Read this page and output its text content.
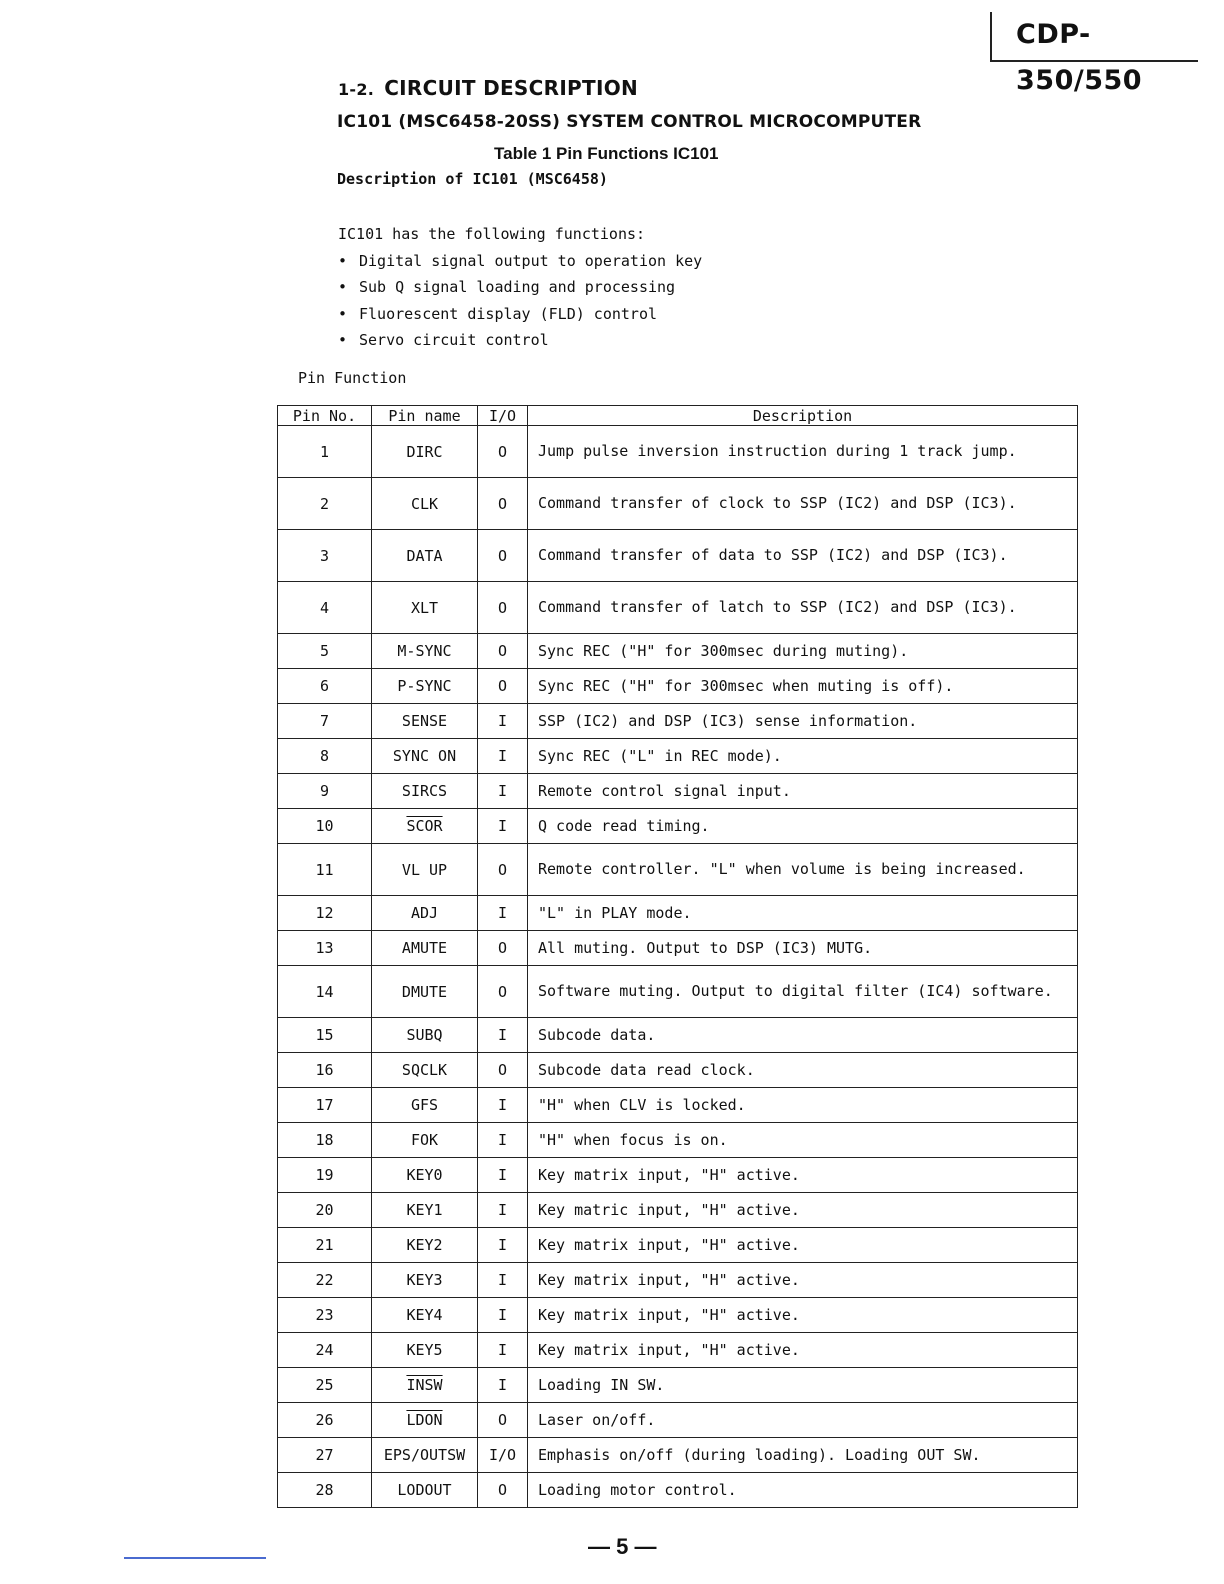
CDP-350/550
1-2. CIRCUIT DESCRIPTION
IC101 (MSC6458-20SS) SYSTEM CONTROL MICROCOMPUTER
Table 1 Pin Functions IC101
Description of IC101 (MSC6458)
IC101 has the following functions:
• Digital signal output to operation key
• Sub Q signal loading and processing
• Fluorescent display (FLD) control
• Servo circuit control
Pin Function
Pin No.	Pin name	I/O	Description
1	DIRC	O	Jump pulse inversion instruction during 1 track jump.
2	CLK	O	Command transfer of clock to SSP (IC2) and DSP (IC3).
3	DATA	O	Command transfer of data to SSP (IC2) and DSP (IC3).
4	XLT	O	Command transfer of latch to SSP (IC2) and DSP (IC3).
5	M-SYNC	O	Sync REC ("H" for 300msec during muting).
6	P-SYNC	O	Sync REC ("H" for 300msec when muting is off).
7	SENSE	I	SSP (IC2) and DSP (IC3) sense information.
8	SYNC ON	I	Sync REC ("L" in REC mode).
9	SIRCS	I	Remote control signal input.
10	SCOR	I	Q code read timing.
11	VL UP	O	Remote controller. "L" when volume is being increased.
12	ADJ	I	"L" in PLAY mode.
13	AMUTE	O	All muting. Output to DSP (IC3) MUTG.
14	DMUTE	O	Software muting. Output to digital filter (IC4) software.
15	SUBQ	I	Subcode data.
16	SQCLK	O	Subcode data read clock.
17	GFS	I	"H" when CLV is locked.
18	FOK	I	"H" when focus is on.
19	KEY0	I	Key matrix input, "H" active.
20	KEY1	I	Key matric input, "H" active.
21	KEY2	I	Key matrix input, "H" active.
22	KEY3	I	Key matrix input, "H" active.
23	KEY4	I	Key matrix input, "H" active.
24	KEY5	I	Key matrix input, "H" active.
25	INSW	I	Loading IN SW.
26	LDON	O	Laser on/off.
27	EPS/OUTSW	I/O	Emphasis on/off (during loading). Loading OUT SW.
28	LODOUT	O	Loading motor control.
— 5 —
